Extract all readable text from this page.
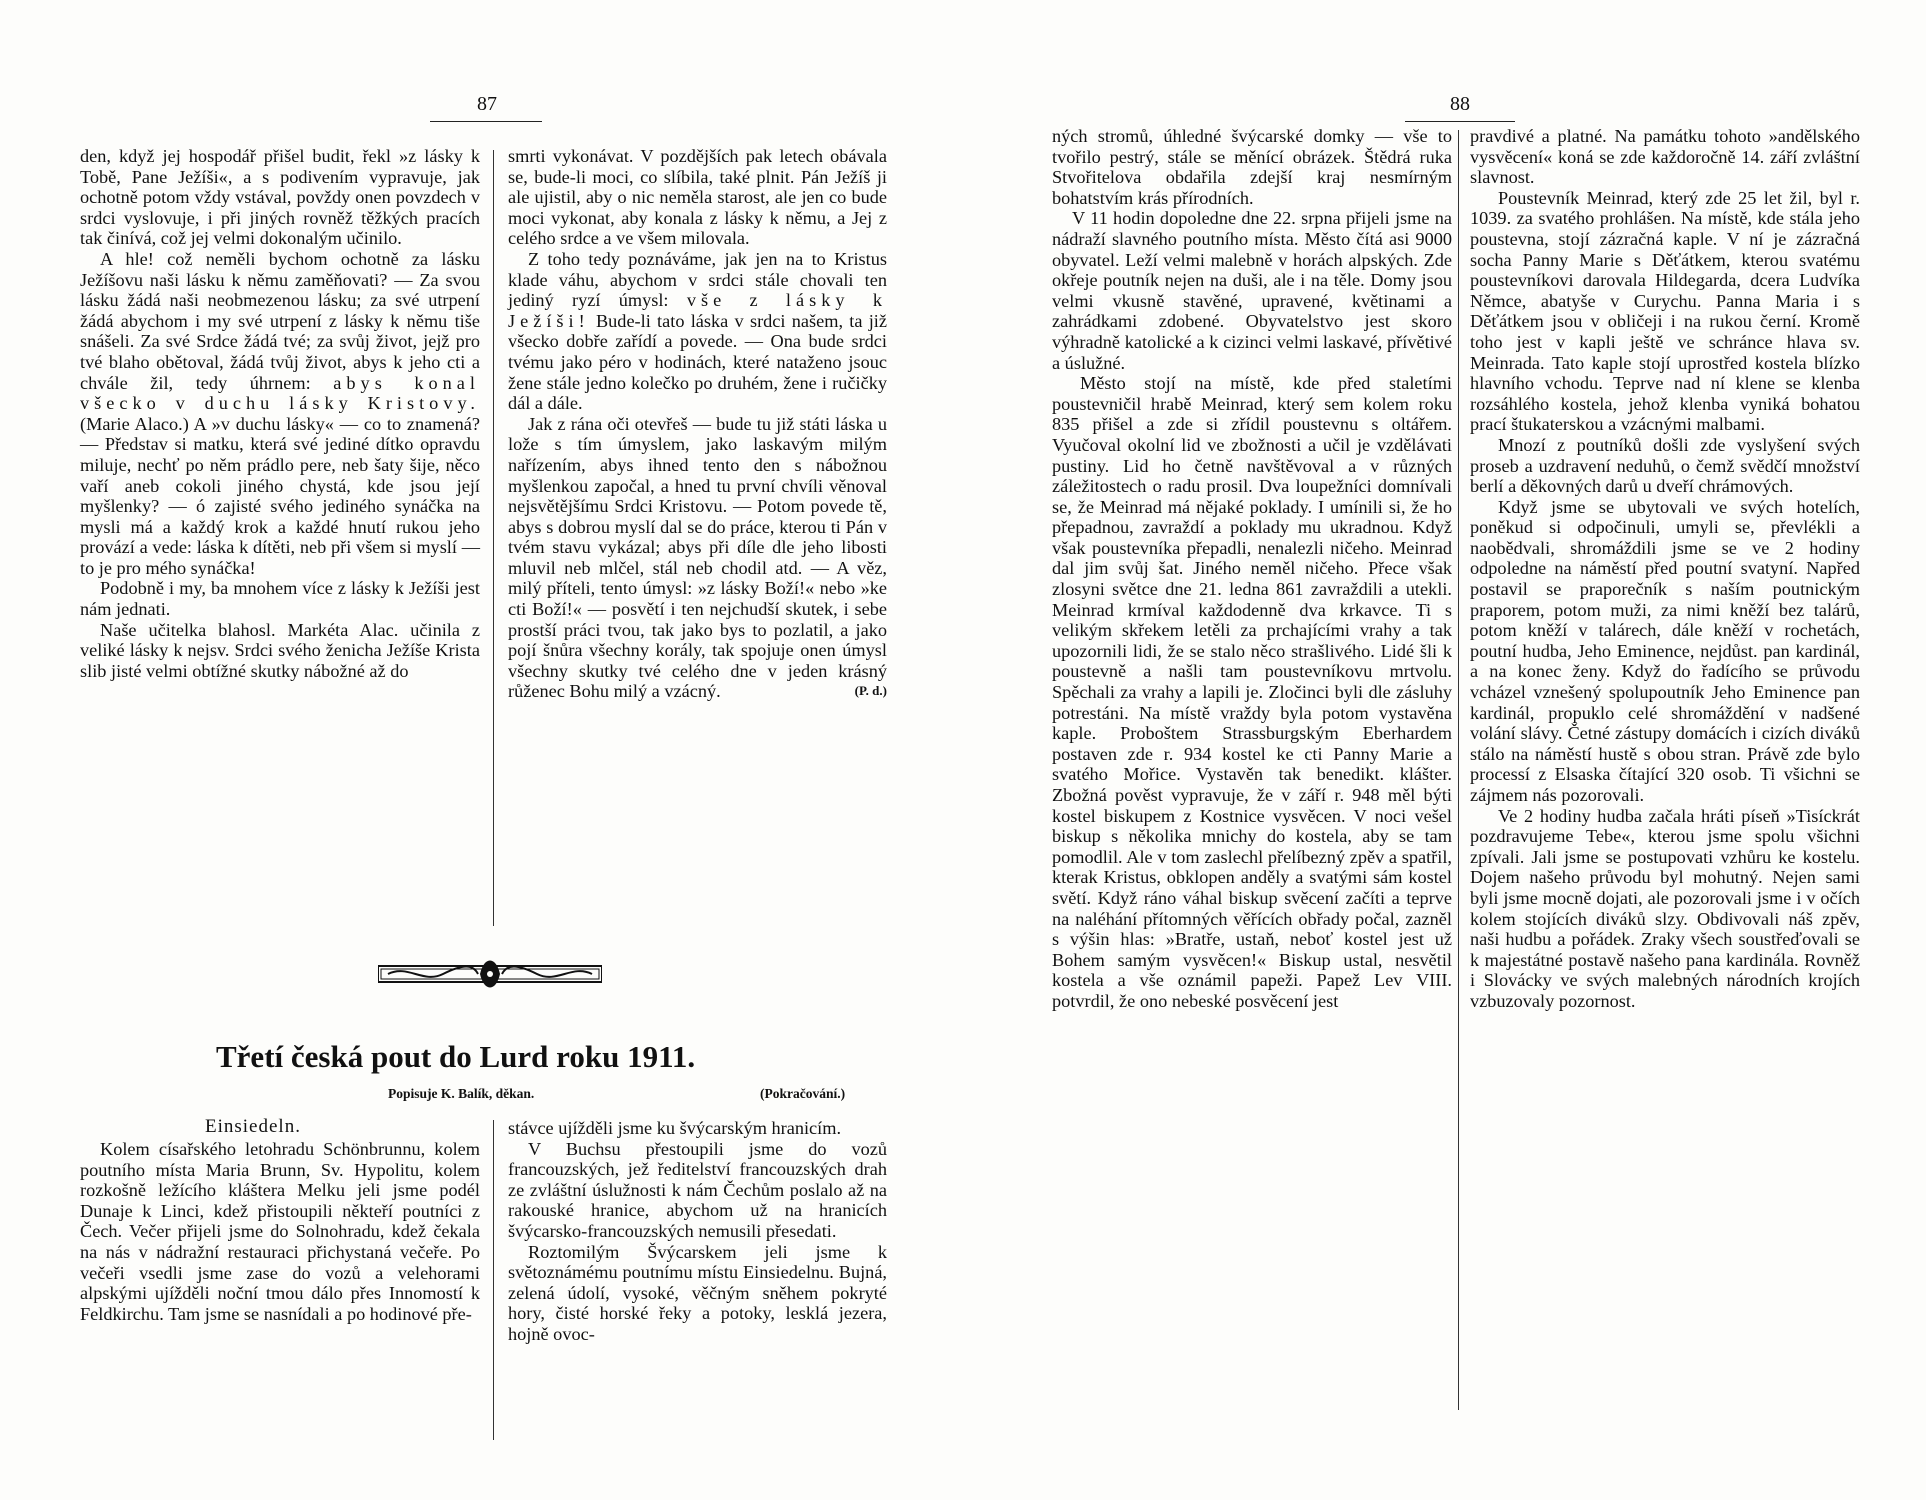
87

den, když jej hospodář přišel budit, řekl »z lásky k Tobě, Pane Ježíši«, a s podivením vypravuje, jak ochotně potom vždy vstával, povždy onen povzdech v srdci vyslovuje, i při jiných rovněž těžkých pracích tak činívá, což jej velmi dokonalým učinilo.

A hle! což neměli bychom ochotně za lásku Ježíšovu naši lásku k němu zaměňovati? — Za svou lásku žádá naši neobmezenou lásku; za své utrpení žádá abychom i my své utrpení z lásky k němu tiše snášeli. Za své Srdce žádá tvé; za svůj život, jejž pro tvé blaho obětoval, žádá tvůj život, abys k jeho cti a chvále žil, tedy úhrnem: abys konal všecko v duchu lásky Kristovy. (Marie Alaco.) A »v duchu lásky« — co to znamená? — Představ si matku, která své jediné dítko opravdu miluje, nechť po něm prádlo pere, neb šaty šije, něco vaří aneb cokoli jiného chystá, kde jsou její myšlenky? — ó zajisté svého jediného synáčka na mysli má a každý krok a každé hnutí rukou jeho provází a vede: láska k dítěti, neb při všem si myslí — to je pro mého synáčka!

Podobně i my, ba mnohem více z lásky k Ježíši jest nám jednati.

Naše učitelka blahosl. Markéta Alac. učinila z veliké lásky k nejsv. Srdci svého ženicha Ježíše Krista slib jisté velmi obtížné skutky nábožné až do

smrti vykonávat. V pozdějších pak letech obávala se, bude-li moci, co slíbila, také plnit. Pán Ježíš ji ale ujistil, aby o nic neměla starost, ale jen co bude moci vykonat, aby konala z lásky k němu, a Jej z celého srdce a ve všem milovala.

Z toho tedy poznáváme, jak jen na to Kristus klade váhu, abychom v srdci stále chovali ten jediný ryzí úmysl: vše z lásky k Ježíši! Bude-li tato láska v srdci našem, ta již všecko dobře zařídí a povede. — Ona bude srdci tvému jako péro v hodinách, které nataženo jsouc žene stále jedno kolečko po druhém, žene i ručičky dál a dále.

Jak z rána oči otevřeš — bude tu již státi láska u lože s tím úmyslem, jako laskavým milým nařízením, abys ihned tento den s nábožnou myšlenkou započal, a hned tu první chvíli věnoval nejsvětějšímu Srdci Kristovu. — Potom povede tě, abys s dobrou myslí dal se do práce, kterou ti Pán v tvém stavu vykázal; abys při díle dle jeho libosti mluvil neb mlčel, stál neb chodil atd. — A věz, milý příteli, tento úmysl: »z lásky Boží!« nebo »ke cti Boží!« — posvětí i ten nejchudší skutek, i sebe prostší práci tvou, tak jako bys to pozlatil, a jako pojí šnůra všechny korály, tak spojuje onen úmysl všechny skutky tvé celého dne v jeden krásný růženec Bohu milý a vzácný.	(P. d.)

Třetí česká pout do Lurd roku 1911.
Popisuje K. Balík, děkan.	(Pokračování.)
Einsiedeln.

Kolem císařského letohradu Schönbrunnu, kolem poutního místa Maria Brunn, Sv. Hypolitu, kolem rozkošně ležícího kláštera Melku jeli jsme podél Dunaje k Linci, kdež přistoupili někteří poutníci z Čech. Večer přijeli jsme do Solnohradu, kdež čekala na nás v nádražní restauraci přichystaná večeře. Po večeři vsedli jsme zase do vozů a velehorami alpskými ujížděli noční tmou dálo přes Innomostí k Feldkirchu. Tam jsme se nasnídali a po hodinové pře-

stávce ujížděli jsme ku švýcarským hranicím.

V Buchsu přestoupili jsme do vozů francouzských, jež ředitelství francouzských drah ze zvláštní úslužnosti k nám Čechům poslalo až na rakouské hranice, abychom už na hranicích švýcarsko-francouzských nemusili přesedati.

Roztomilým Švýcarskem jeli jsme k světoznámému poutnímu místu Einsiedelnu. Bujná, zelená údolí, vysoké, věčným sněhem pokryté hory, čisté horské řeky a potoky, lesklá jezera, hojně ovoc-

88

ných stromů, úhledné švýcarské domky — vše to tvořilo pestrý, stále se měnící obrázek. Štědrá ruka Stvořitelova obdařila zdejší kraj nesmírným bohatstvím krás přírodních.

V 11 hodin dopoledne dne 22. srpna přijeli jsme na nádraží slavného poutního místa. Město čítá asi 9000 obyvatel. Leží velmi malebně v horách alpských. Zde okřeje poutník nejen na duši, ale i na těle. Domy jsou velmi vkusně stavěné, upravené, květinami a zahrádkami zdobené. Obyvatelstvo jest skoro výhradně katolické a k cizinci velmi laskavé, přívětivé a úslužné.

Město stojí na místě, kde před staletími poustevničil hrabě Meinrad, který sem kolem roku 835 přišel a zde si zřídil poustevnu s oltářem. Vyučoval okolní lid ve zbožnosti a učil je vzdělávati pustiny. Lid ho četně navštěvoval a v různých záležitostech o radu prosil. Dva loupežníci domnívali se, že Meinrad má nějaké poklady. I umínili si, že ho přepadnou, zavraždí a poklady mu ukradnou. Když však poustevníka přepadli, nenalezli ničeho. Meinrad dal jim svůj šat. Jiného neměl ničeho. Přece však zlosyni světce dne 21. ledna 861 zavraždili a utekli. Meinrad krmíval každodenně dva krkavce. Ti s velikým skřekem letěli za prchajícími vrahy a tak upozornili lidi, že se stalo něco strašlivého. Lidé šli k poustevně a našli tam poustevníkovu mrtvolu. Spěchali za vrahy a lapili je. Zločinci byli dle zásluhy potrestáni. Na místě vraždy byla potom vystavěna kaple. Proboštem Strassburgským Eberhardem postaven zde r. 934 kostel ke cti Panny Marie a svatého Mořice. Vystavěn tak benedikt. klášter. Zbožná pověst vypravuje, že v září r. 948 měl býti kostel biskupem z Kostnice vysvěcen. V noci vešel biskup s několika mnichy do kostela, aby se tam pomodlil. Ale v tom zaslechl přelíbezný zpěv a spatřil, kterak Kristus, obklopen anděly a svatými sám kostel světí. Když ráno váhal biskup svěcení začíti a teprve na naléhání přítomných věřících obřady počal, zazněl s výšin hlas: »Bratře, ustaň, neboť kostel jest už Bohem samým vysvěcen!« Biskup ustal, nesvětil kostela a vše oznámil papeži. Papež Lev VIII. potvrdil, že ono nebeské posvěcení jest

pravdivé a platné. Na památku tohoto »andělského vysvěcení« koná se zde každoročně 14. září zvláštní slavnost.

Poustevník Meinrad, který zde 25 let žil, byl r. 1039. za svatého prohlášen. Na místě, kde stála jeho poustevna, stojí zázračná kaple. V ní je zázračná socha Panny Marie s Děťátkem, kterou svatému poustevníkovi darovala Hildegarda, dcera Ludvíka Němce, abatyše v Curychu. Panna Maria i s Děťátkem jsou v obličeji i na rukou černí. Kromě toho jest v kapli ještě ve schránce hlava sv. Meinrada. Tato kaple stojí uprostřed kostela blízko hlavního vchodu. Teprve nad ní klene se klenba rozsáhlého kostela, jehož klenba vyniká bohatou prací štukaterskou a vzácnými malbami.

Mnozí z poutníků došli zde vyslyšení svých proseb a uzdravení neduhů, o čemž svědčí množství berlí a děkovných darů u dveří chrámových.

Když jsme se ubytovali ve svých hotelích, poněkud si odpočinuli, umyli se, převlékli a naobědvali, shromáždili jsme se ve 2 hodiny odpoledne na náměstí před poutní svatyní. Napřed postavil se praporečník s naším poutnickým praporem, potom muži, za nimi kněží bez talárů, potom kněží v talárech, dále kněží v rochetách, poutní hudba, Jeho Eminence, nejdůst. pan kardinál, a na konec ženy. Když do řadícího se průvodu vcházel vznešený spolupoutník Jeho Eminence pan kardinál, propuklo celé shromáždění v nadšené volání slávy. Četné zástupy domácích i cizích diváků stálo na náměstí hustě s obou stran. Právě zde bylo processí z Elsaska čítající 320 osob. Ti všichni se zájmem nás pozorovali.

Ve 2 hodiny hudba začala hráti píseň »Tisíckrát pozdravujeme Tebe«, kterou jsme spolu všichni zpívali. Jali jsme se postupovati vzhůru ke kostelu. Dojem našeho průvodu byl mohutný. Nejen sami byli jsme mocně dojati, ale pozorovali jsme i v očích kolem stojících diváků slzy. Obdivovali náš zpěv, naši hudbu a pořádek. Zraky všech soustřeďovali se k majestátné postavě našeho pana kardinála. Rovněž i Slovácky ve svých malebných národních krojích vzbuzovaly pozornost.
